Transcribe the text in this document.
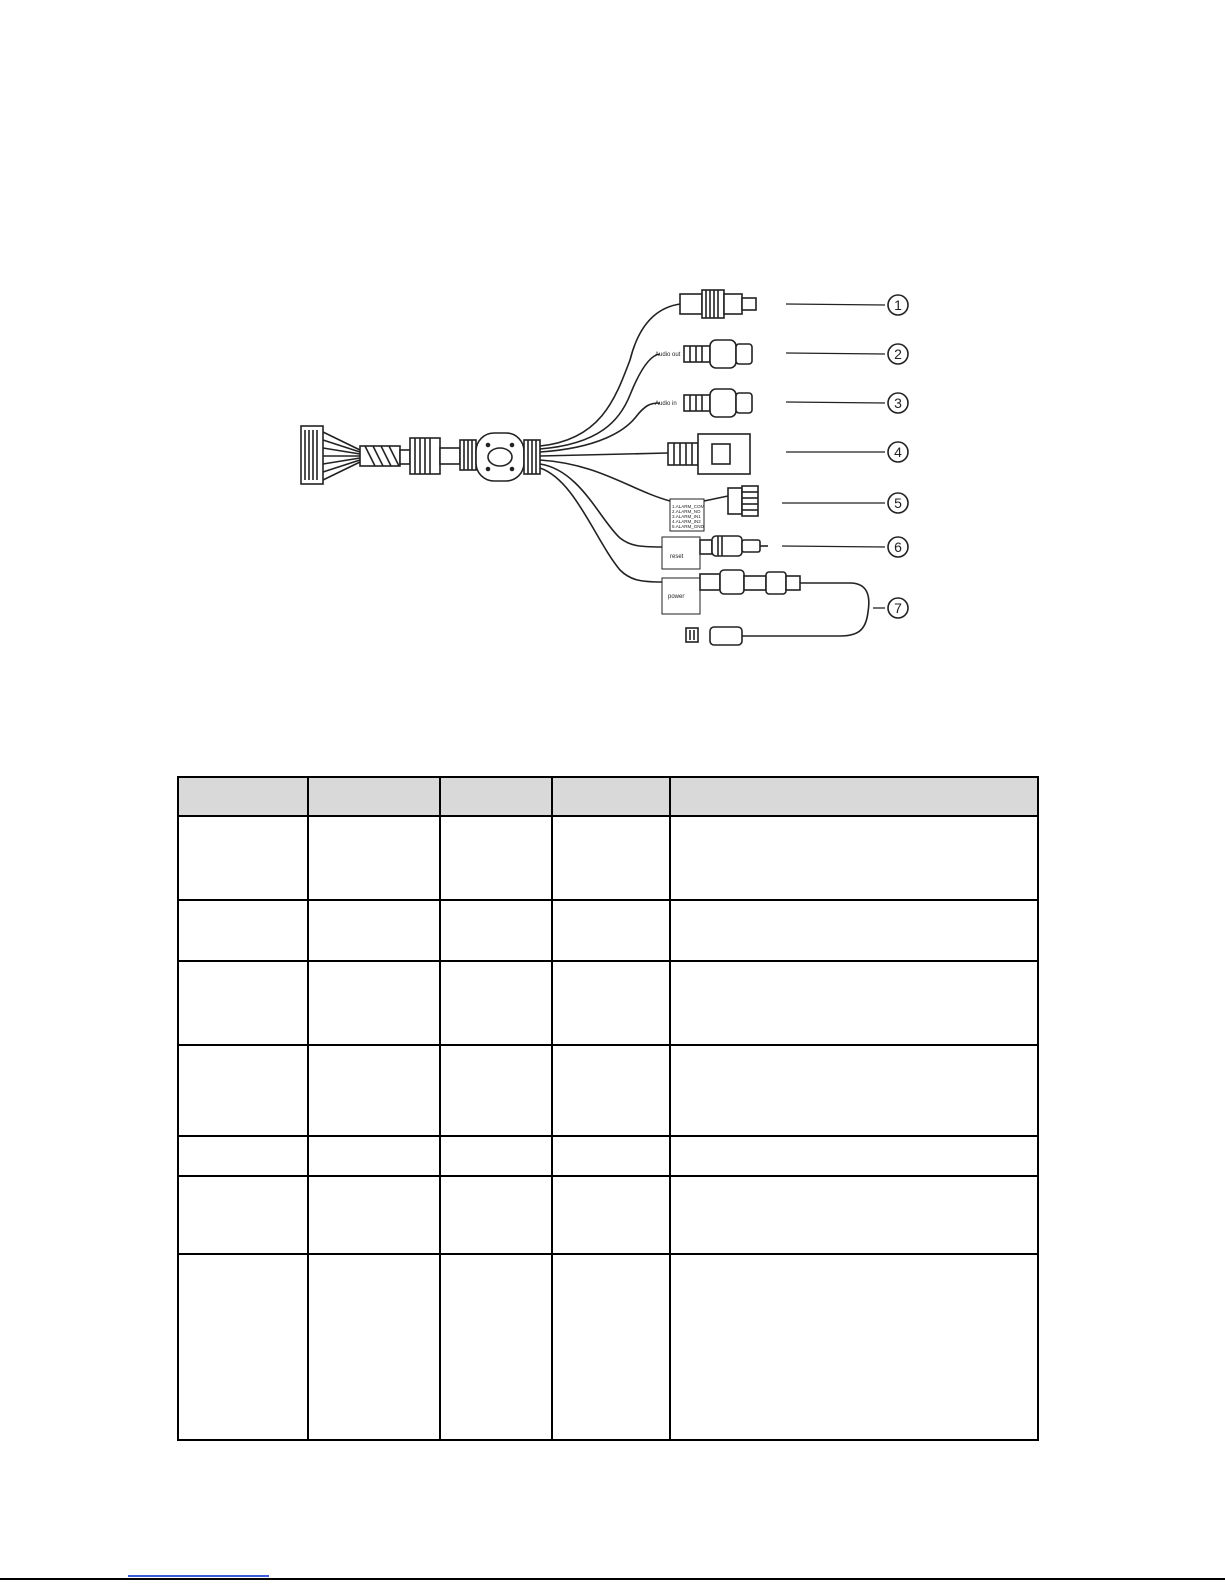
1
2
3
4
5
6
7
Audio out
Audio in
1.ALARM_COM
2.ALARM_NO
3.ALARM_IN1
4.ALARM_IN2
5.ALARM_GND
reset
power
